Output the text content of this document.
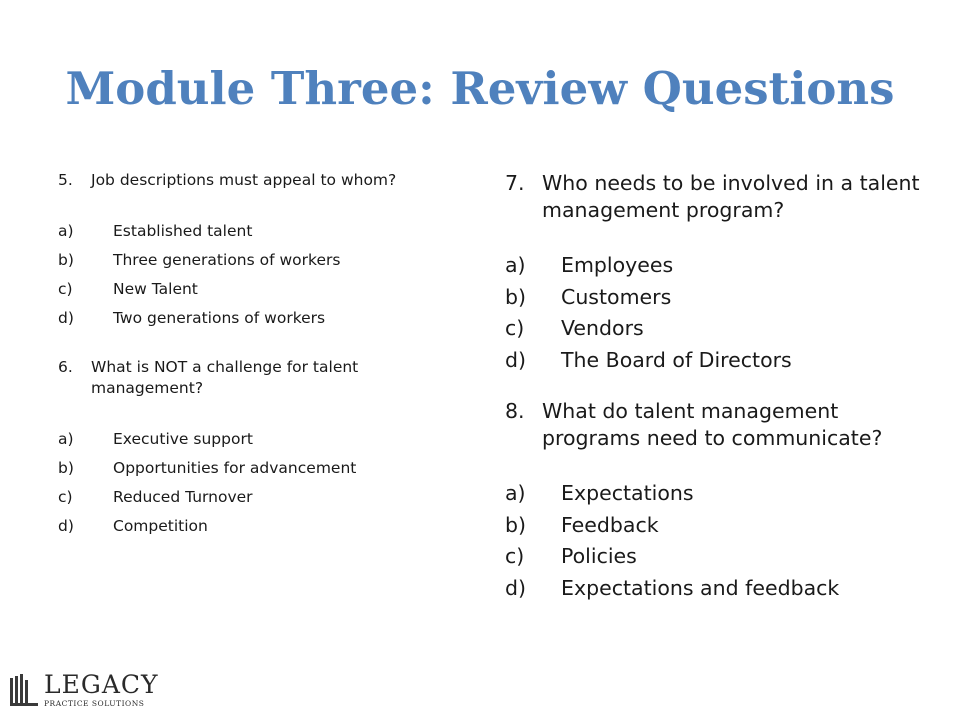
Module Three: Review Questions
5.	Job descriptions must appeal to whom?
a)	Established talent
b)	Three generations of workers
c)	New Talent
d)	Two generations of workers
6.	What is NOT a challenge for talent management?
a)	Executive support
b)	Opportunities for advancement
c)	Reduced Turnover
d)	Competition
7. Who needs to be involved in a talent management program?
a)	Employees
b)	Customers
c)	Vendors
d)	The Board of Directors
8. What do talent management programs need to communicate?
a)	Expectations
b)	Feedback
c)	Policies
d)	Expectations and feedback
LEGACY
PRACTICE SOLUTIONS
